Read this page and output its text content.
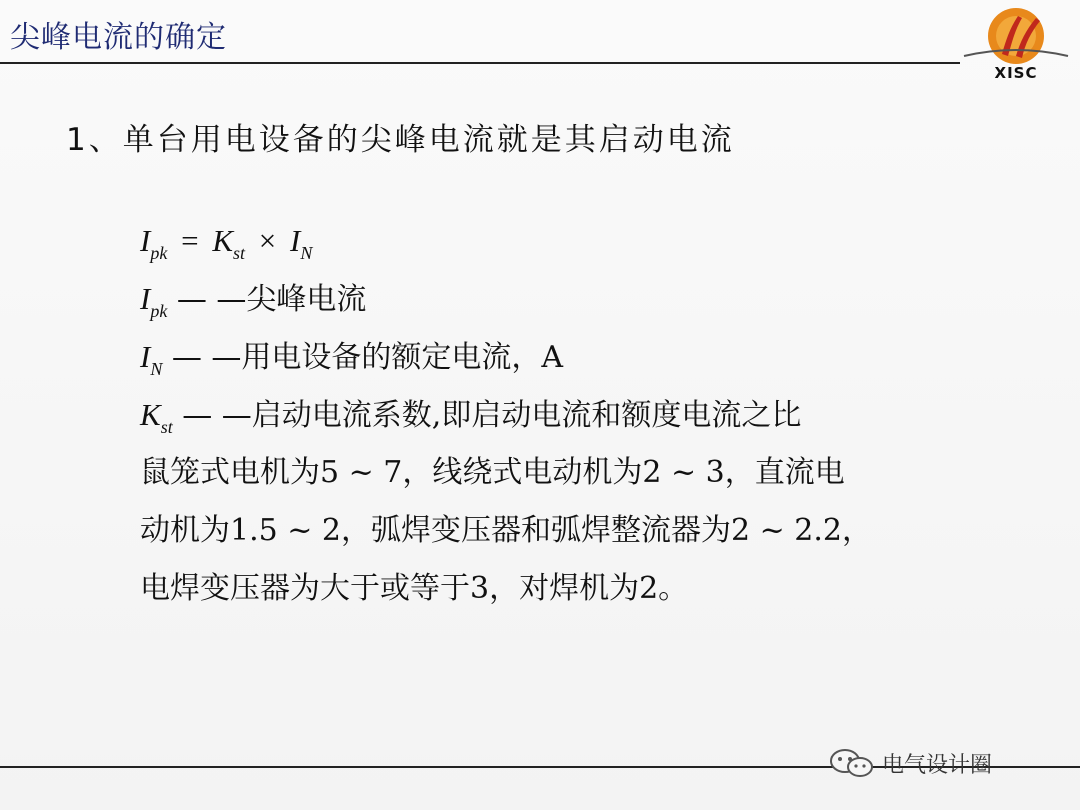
尖峰电流的确定
XISC
1、单台用电设备的尖峰电流就是其启动电流
$I_{pk} = K_{st} \times I_N$
$I_{pk}$ — —尖峰电流
$I_N$ — —用电设备的额定电流，A
$K_{st}$ — —启动电流系数,即启动电流和额度电流之比
鼠笼式电机为5 ~ 7，线绕式电动机为2 ~ 3，直流电
动机为1.5 ~ 2，弧焊变压器和弧焊整流器为2 ~ 2.2，
电焊变压器为大于或等于3，对焊机为2。
电气设计圈
